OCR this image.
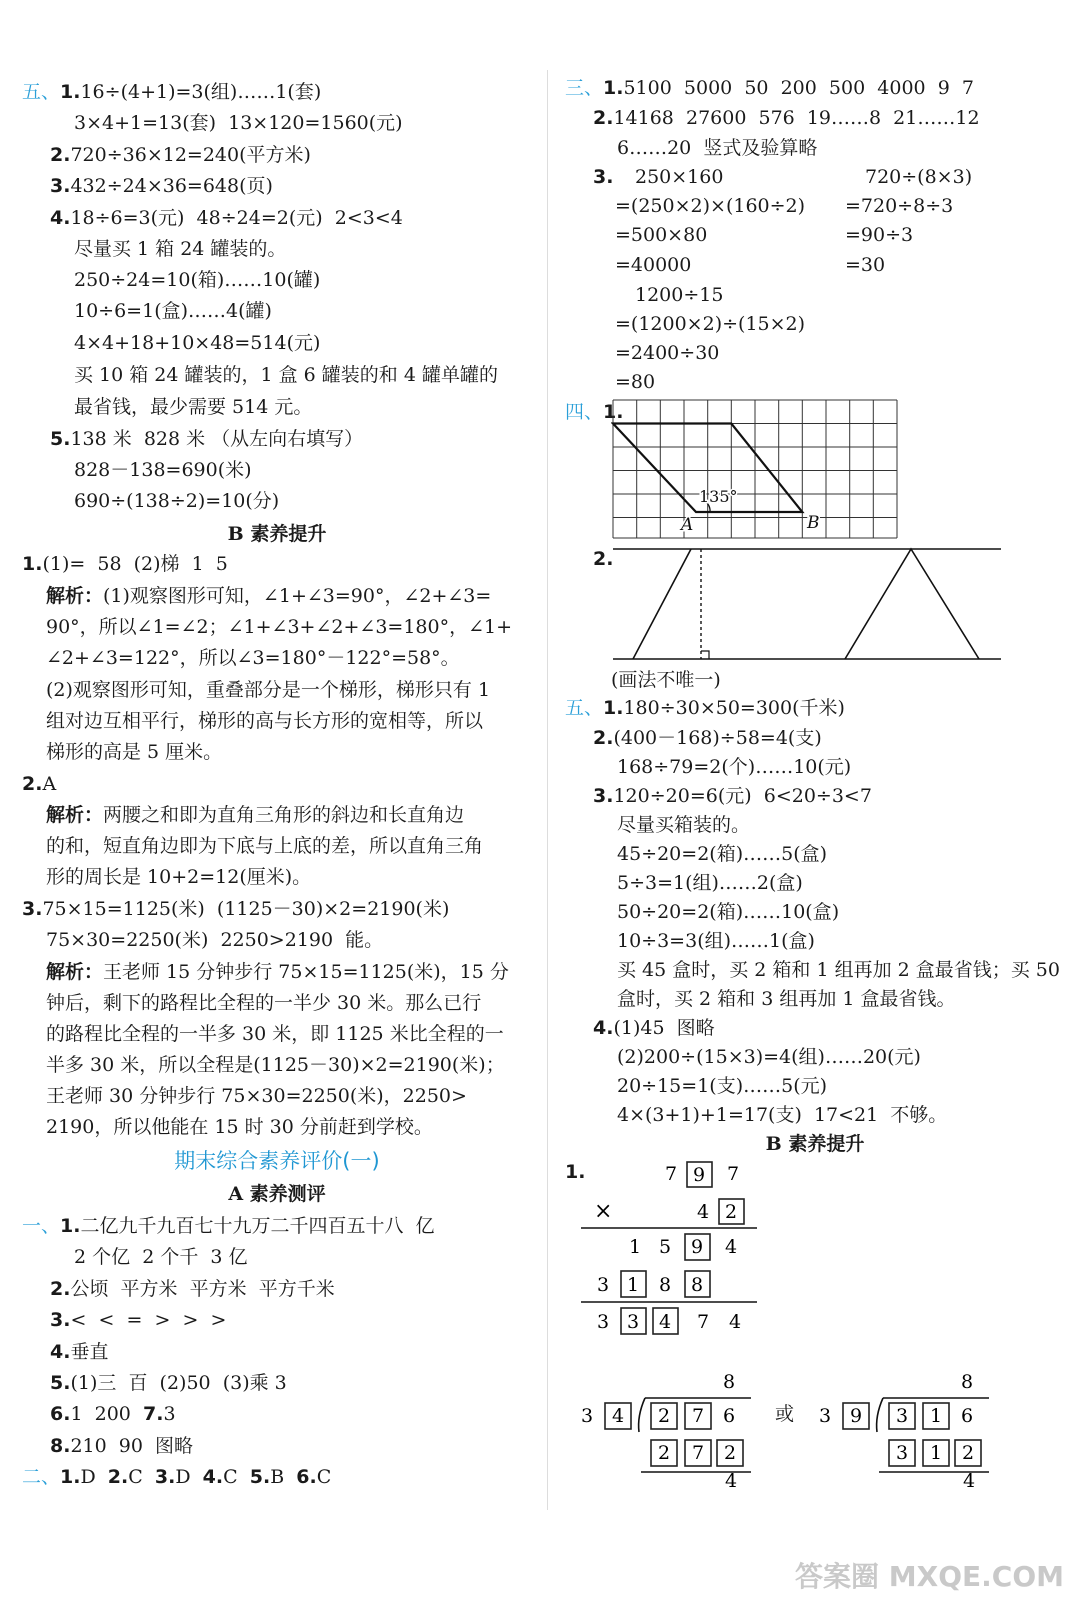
五、1.16÷(4+1)=3(组)……1(套)
3×4+1=13(套)  13×120=1560(元)
2.720÷36×12=240(平方米)
3.432÷24×36=648(页)
4.18÷6=3(元)  48÷24=2(元)  2<3<4
尽量买 1 箱 24 罐装的。
250÷24=10(箱)……10(罐)
10÷6=1(盒)……4(罐)
4×4+18+10×48=514(元)
买 10 箱 24 罐装的，1 盒 6 罐装的和 4 罐单罐的
最省钱，最少需要 514 元。
5.138 米  828 米 （从左向右填写）
828－138=690(米)
690÷(138÷2)=10(分)
B 素养提升
1.(1)=  58  (2)梯  1  5
解析：(1)观察图形可知，∠1+∠3=90°，∠2+∠3=
90°，所以∠1=∠2；∠1+∠3+∠2+∠3=180°，∠1+
∠2+∠3=122°，所以∠3=180°－122°=58°。
(2)观察图形可知，重叠部分是一个梯形，梯形只有 1
组对边互相平行，梯形的高与长方形的宽相等，所以
梯形的高是 5 厘米。
2.A
解析：两腰之和即为直角三角形的斜边和长直角边
的和，短直角边即为下底与上底的差，所以直角三角
形的周长是 10+2=12(厘米)。
3.75×15=1125(米)  (1125－30)×2=2190(米)
75×30=2250(米)  2250>2190  能。
解析：王老师 15 分钟步行 75×15=1125(米)，15 分
钟后，剩下的路程比全程的一半少 30 米。那么已行
的路程比全程的一半多 30 米，即 1125 米比全程的一
半多 30 米，所以全程是(1125－30)×2=2190(米)；
王老师 30 分钟步行 75×30=2250(米)，2250>
2190，所以他能在 15 时 30 分前赶到学校。
期末综合素养评价(一)
A 素养测评
一、1.二亿九千九百七十九万二千四百五十八  亿
2 个亿  2 个千  3 亿
2.公顷  平方米  平方米  平方千米
3.<  <  =  >  >  >
4.垂直
5.(1)三  百  (2)50  (3)乘 3
6.1  200 7.3
8.210  90  图略
二、1.D 2.C 3.D 4.C 5.B 6.C
三、1.5100  5000  50  200  500  4000  9  7
2.14168  27600  576  19……8  21……12
6……20  竖式及验算略
3. 250×160
=(250×2)×(160÷2)
=500×80
=40000
720÷(8×3)
=720÷8÷3
=90÷3
=30
1200÷15
=(1200×2)÷(15×2)
=2400÷30
=80
四、1.
135°
A	B
2.
(画法不唯一)
五、1.180÷30×50=300(千米)
2.(400－168)÷58=4(支)
168÷79=2(个)……10(元)
3.120÷20=6(元)  6<20÷3<7
尽量买箱装的。
45÷20=2(箱)……5(盒)
5÷3=1(组)……2(盒)
50÷20=2(箱)……10(盒)
10÷3=3(组)……1(盒)
买 45 盒时，买 2 箱和 1 组再加 2 盒最省钱；买 50
盒时，买 2 箱和 3 组再加 1 盒最省钱。
4.(1)45  图略
(2)200÷(15×3)=4(组)……20(元)
20÷15=1(支)……5(元)
4×(3+1)+1=17(支)  17<21  不够。
B 素养提升
1.	7 9 7
×	4 2
1 5 9 4
3 1 8 8
3 3 4 7 4
8
3 4 2 7 6
2 7 2
4
或
8
3 9 3 1 6
3 1 2
4
答案圈 MXQE.COM
